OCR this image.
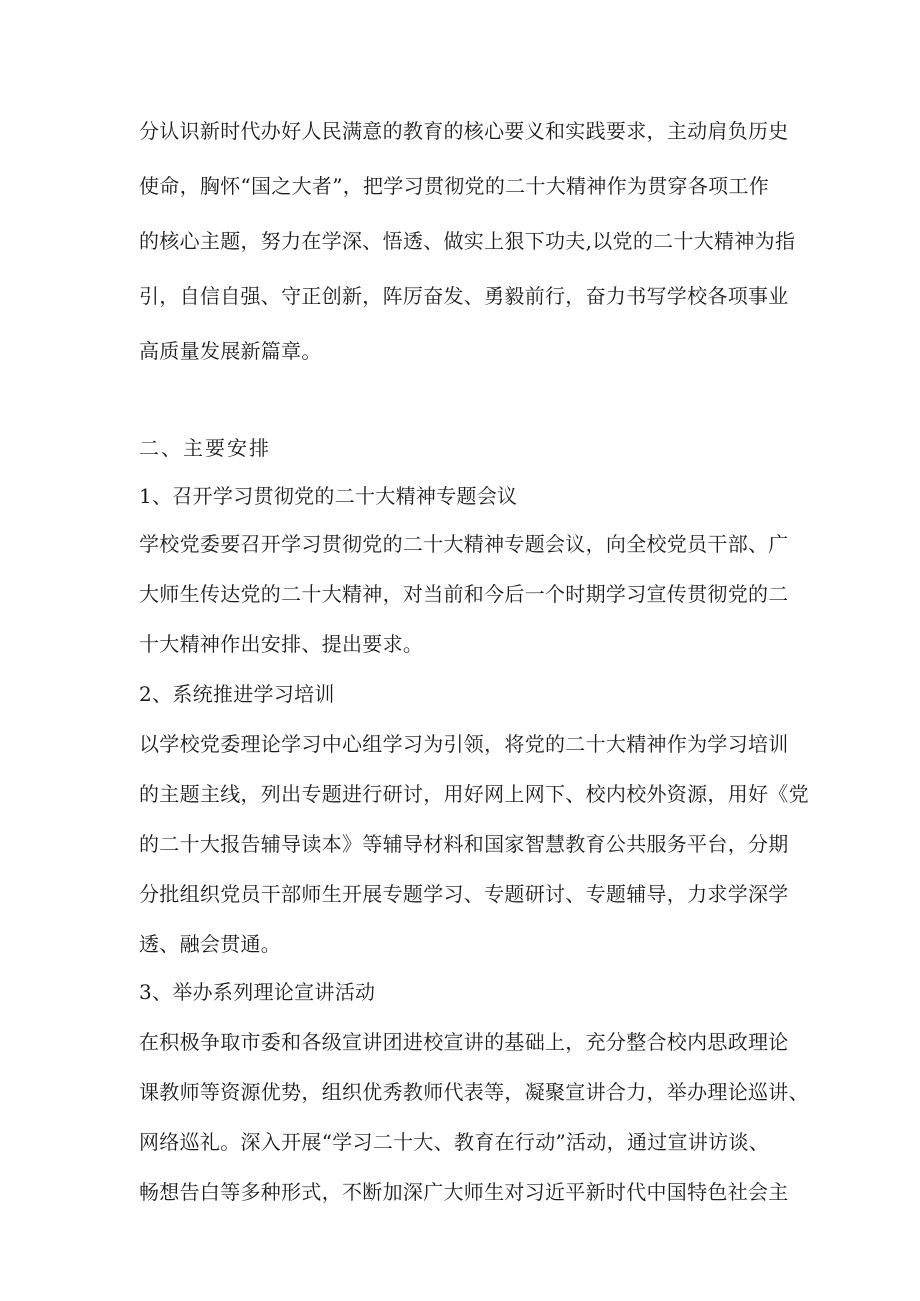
分认识新时代办好人民满意的教育的核心要义和实践要求，主动肩负历史
使命，胸怀“国之大者”，把学习贯彻党的二十大精神作为贯穿各项工作
的核心主题，努力在学深、悟透、做实上狠下功夫,以党的二十大精神为指
引，自信自强、守正创新，阵厉奋发、勇毅前行，奋力书写学校各项事业
高质量发展新篇章。
二、主要安排
1、召开学习贯彻党的二十大精神专题会议
学校党委要召开学习贯彻党的二十大精神专题会议，向全校党员干部、广
大师生传达党的二十大精神，对当前和今后一个时期学习宣传贯彻党的二
十大精神作出安排、提出要求。
2、系统推进学习培训
以学校党委理论学习中心组学习为引领，将党的二十大精神作为学习培训
的主题主线，列出专题进行研讨，用好网上网下、校内校外资源，用好《党
的二十大报告辅导读本》等辅导材料和国家智慧教育公共服务平台，分期
分批组织党员干部师生开展专题学习、专题研讨、专题辅导，力求学深学
透、融会贯通。
3、举办系列理论宣讲活动
在积极争取市委和各级宣讲团进校宣讲的基础上，充分整合校内思政理论
课教师等资源优势，组织优秀教师代表等，凝聚宣讲合力，举办理论巡讲、
网络巡礼。深入开展“学习二十大、教育在行动”活动，通过宣讲访谈、
畅想告白等多种形式，不断加深广大师生对习近平新时代中国特色社会主
